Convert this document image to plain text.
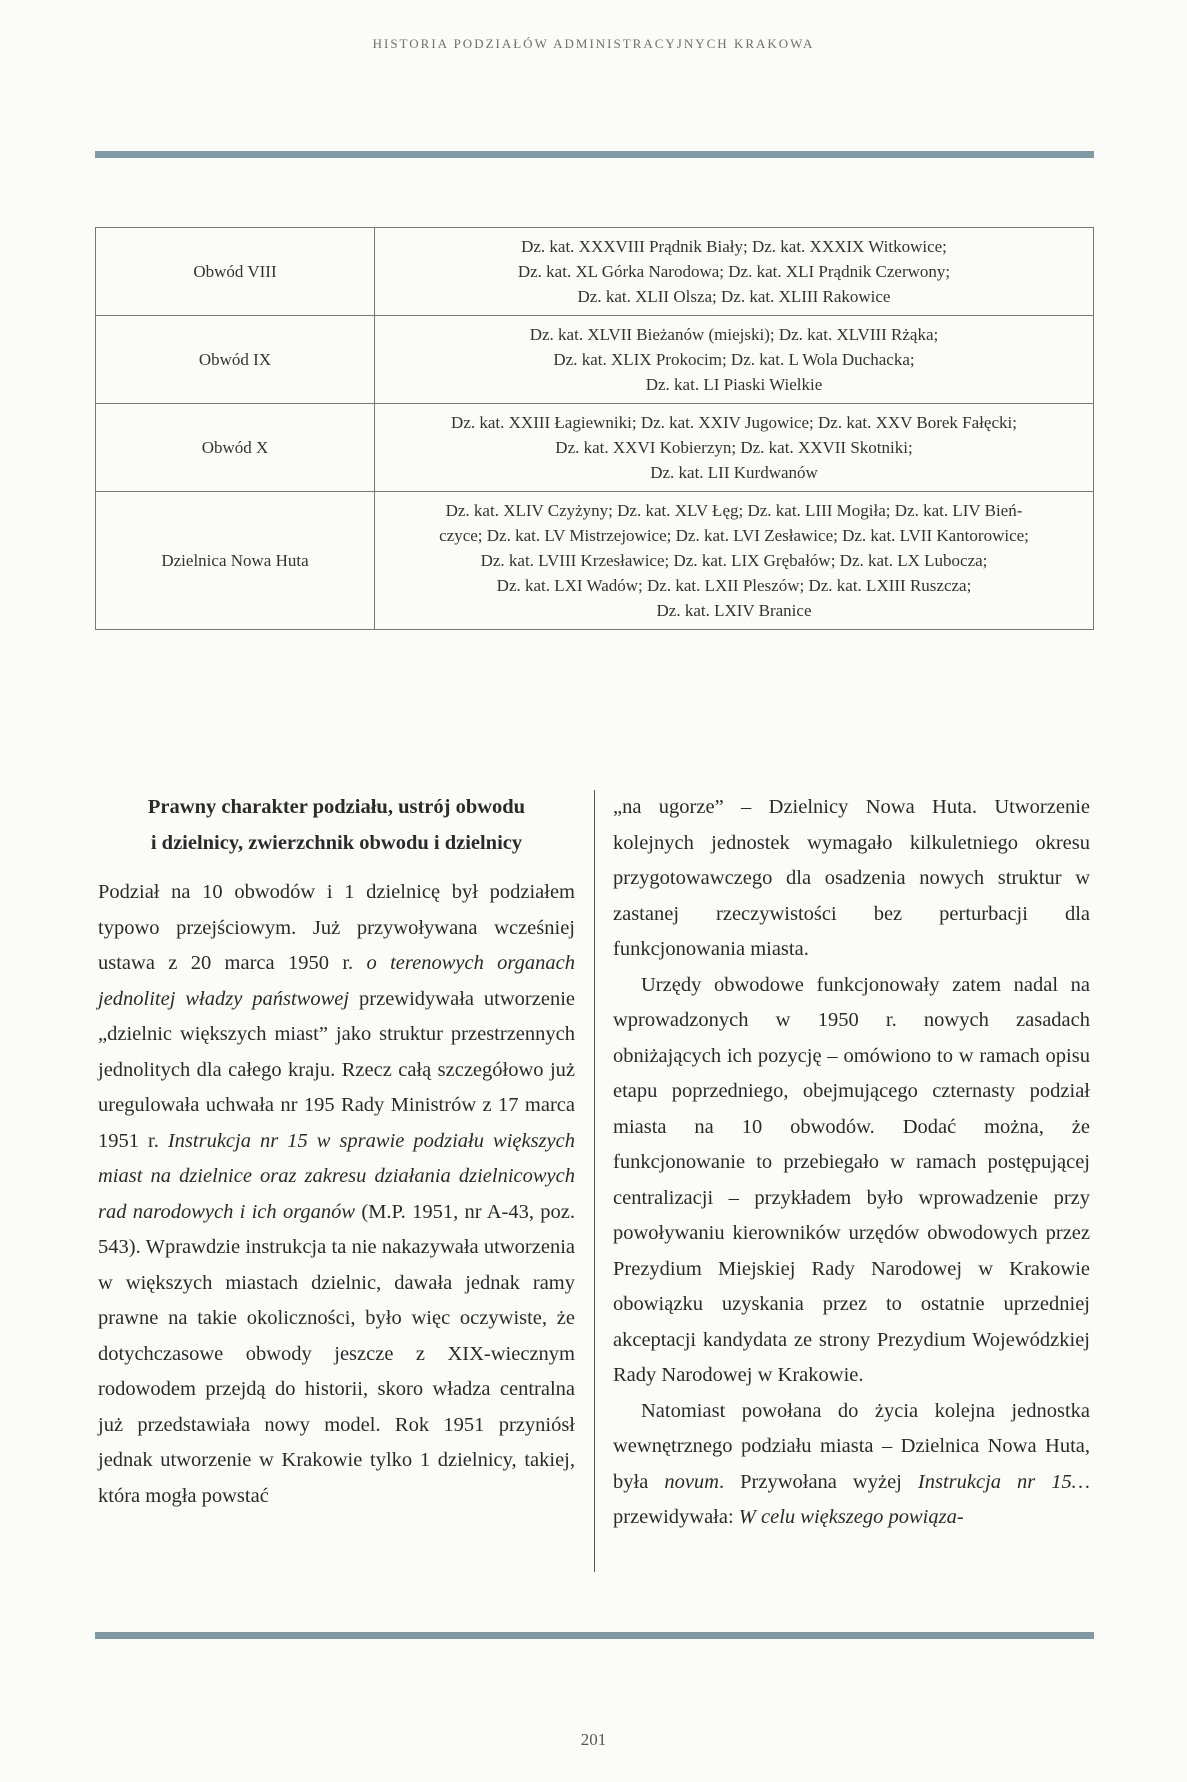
HISTORIA PODZIAŁÓW ADMINISTRACYJNYCH KRAKOWA
Obwód VIII	Dz. kat. XXXVIII Prądnik Biały; Dz. kat. XXXIX Witkowice;
Dz. kat. XL Górka Narodowa; Dz. kat. XLI Prądnik Czerwony;
Dz. kat. XLII Olsza; Dz. kat. XLIII Rakowice

Obwód IX	Dz. kat. XLVII Bieżanów (miejski); Dz. kat. XLVIII Rżąka;
Dz. kat. XLIX Prokocim; Dz. kat. L Wola Duchacka;
Dz. kat. LI Piaski Wielkie

Obwód X	Dz. kat. XXIII Łagiewniki; Dz. kat. XXIV Jugowice; Dz. kat. XXV Borek Fałęcki;
Dz. kat. XXVI Kobierzyn; Dz. kat. XXVII Skotniki;
Dz. kat. LII Kurdwanów

Dzielnica Nowa Huta	Dz. kat. XLIV Czyżyny; Dz. kat. XLV Łęg; Dz. kat. LIII Mogiła; Dz. kat. LIV Bień-
czyce; Dz. kat. LV Mistrzejowice; Dz. kat. LVI Zesławice; Dz. kat. LVII Kantorowice;
Dz. kat. LVIII Krzesławice; Dz. kat. LIX Grębałów; Dz. kat. LX Lubocza;
Dz. kat. LXI Wadów; Dz. kat. LXII Pleszów; Dz. kat. LXIII Ruszcza;
Dz. kat. LXIV Branice
Prawny charakter podziału, ustrój obwodu
i dzielnicy, zwierzchnik obwodu i dzielnicy

Podział na 10 obwodów i 1 dzielnicę był podziałem typowo przejściowym. Już przywoływana wcześniej ustawa z 20 marca 1950 r. o terenowych organach jednolitej władzy państwowej przewidywała utworzenie „dzielnic większych miast” jako struktur przestrzennych jednolitych dla całego kraju. Rzecz całą szczegółowo już uregulowała uchwała nr 195 Rady Ministrów z 17 marca 1951 r. Instrukcja nr 15 w sprawie podziału większych miast na dzielnice oraz zakresu działania dzielnicowych rad narodowych i ich organów (M.P. 1951, nr A-43, poz. 543). Wprawdzie instrukcja ta nie nakazywała utworzenia w większych miastach dzielnic, dawała jednak ramy prawne na takie okoliczności, było więc oczywiste, że dotychczasowe obwody jeszcze z XIX-wiecznym rodowodem przejdą do historii, skoro władza centralna już przedstawiała nowy model. Rok 1951 przyniósł jednak utworzenie w Krakowie tylko 1 dzielnicy, takiej, która mogła powstać

„na ugorze” – Dzielnicy Nowa Huta. Utworzenie kolejnych jednostek wymagało kilkuletniego okresu przygotowawczego dla osadzenia nowych struktur w zastanej rzeczywistości bez perturbacji dla funkcjonowania miasta.

Urzędy obwodowe funkcjonowały zatem nadal na wprowadzonych w 1950 r. nowych zasadach obniżających ich pozycję – omówiono to w ramach opisu etapu poprzedniego, obejmującego czternasty podział miasta na 10 obwodów. Dodać można, że funkcjonowanie to przebiegało w ramach postępującej centralizacji – przykładem było wprowadzenie przy powoływaniu kierowników urzędów obwodowych przez Prezydium Miejskiej Rady Narodowej w Krakowie obowiązku uzyskania przez to ostatnie uprzedniej akceptacji kandydata ze strony Prezydium Wojewódzkiej Rady Narodowej w Krakowie.

Natomiast powołana do życia kolejna jednostka wewnętrznego podziału miasta – Dzielnica Nowa Huta, była novum. Przywołana wyżej Instrukcja nr 15… przewidywała: W celu większego powiąza-

201
